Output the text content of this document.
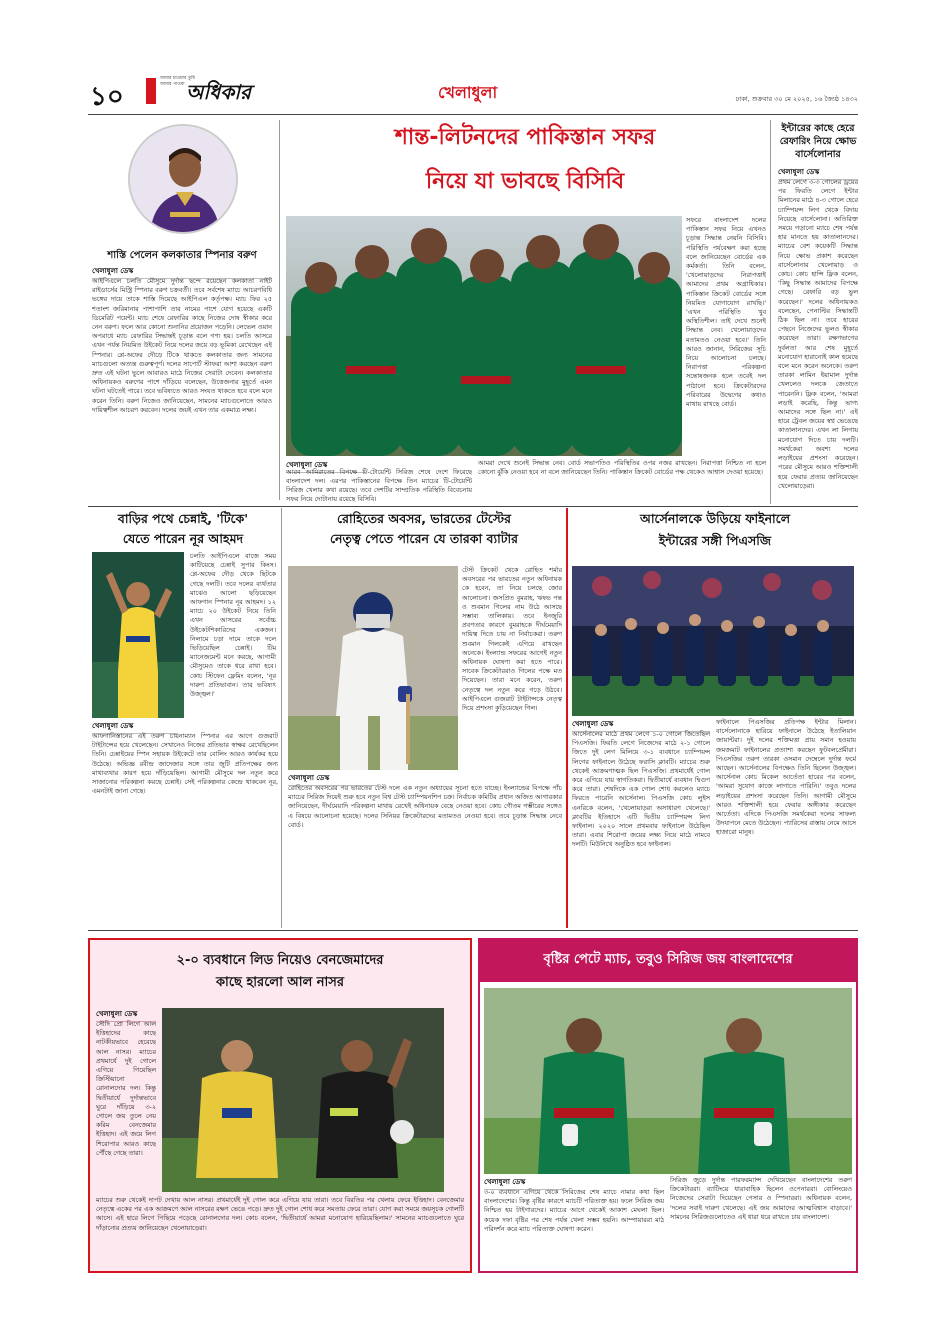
১০
আমার চাওয়ার তুমি আমার পাওয়া অধিকার	খেলাধুলা	ঢাকা, শুক্রবার ৩০ মে ২০২৫, ১৬ জ্যৈষ্ঠ ১৪৩২
শাস্তি পেলেন কলকাতার স্পিনার বরুণ
খেলাধুলা ডেস্ক
আইপিএলে চলতি মৌসুমে দুর্দান্ত ছন্দে রয়েছেন কলকাতা নাইট রাইডার্সের মিস্ট্রি স্পিনার বরুণ চক্রবর্তী। তবে সর্বশেষ ম্যাচে আচরণবিধি ভঙ্গের দায়ে তাকে শাস্তি দিয়েছে আইপিএল কর্তৃপক্ষ। ম্যাচ ফির ২৫ শতাংশ জরিমানার পাশাপাশি তার নামের পাশে যোগ হয়েছে একটি ডিমেরিট পয়েন্ট। ম্যাচ শেষে রেফারির কাছে নিজের দোষ স্বীকার করে নেন বরুণ। ফলে আর কোনো শুনানির প্রয়োজন পড়েনি। লেভেল ওয়ান অপরাধে ম্যাচ রেফারির সিদ্ধান্তই চূড়ান্ত বলে গণ্য হয়। চলতি আসরে এখন পর্যন্ত নিয়মিত উইকেট নিয়ে দলের জয়ে বড় ভূমিকা রেখেছেন এই স্পিনার। প্লে-অফের দৌড়ে টিকে থাকতে কলকাতার জন্য সামনের ম্যাচগুলো অত্যন্ত গুরুত্বপূর্ণ। দলের সাপোর্ট স্টাফরা আশা করছেন বরুণ দ্রুত এই ঘটনা ভুলে আবারও মাঠে নিজের সেরাটা দেবেন। কলকাতার অধিনায়কও বরুণের পাশে দাঁড়িয়ে বলেছেন, উত্তেজনার মুহূর্তে এমন ঘটনা ঘটতেই পারে। তবে ভবিষ্যতে আরও সংযত থাকতে হবে বলে মনে করেন তিনি। বরুণ নিজেও জানিয়েছেন, সামনের ম্যাচগুলোতে আরও দায়িত্বশীল আচরণ করবেন। দলের জয়ই এখন তার একমাত্র লক্ষ্য।
শান্ত-লিটনদের পাকিস্তান সফর
নিয়ে যা ভাবছে বিসিবি
সফরে বাংলাদেশ দলের পাকিস্তান সফর নিয়ে এখনও চূড়ান্ত সিদ্ধান্ত নেয়নি বিসিবি। পরিস্থিতি পর্যবেক্ষণ করা হচ্ছে বলে জানিয়েছেন বোর্ডের এক কর্মকর্তা। তিনি বলেন, 'খেলোয়াড়দের নিরাপত্তাই আমাদের প্রথম অগ্রাধিকার। পাকিস্তান ক্রিকেট বোর্ডের সঙ্গে নিয়মিত যোগাযোগ রাখছি।' 'এখন পরিস্থিতি খুব অস্থিতিশীল। তাই দেখে শুনেই সিদ্ধান্ত নেব। খেলোয়াড়দের মতামতও নেওয়া হবে।' তিনি আরও জানান, সিরিজের সূচি নিয়ে আলোচনা চলছে। নিরাপত্তা পরিকল্পনা সন্তোষজনক হলে তবেই দল পাঠানো হবে। ক্রিকেটারদের পরিবারের উদ্বেগের কথাও মাথায় রাখছে বোর্ড।
খেলাধুলা ডেস্ক
আরব আমিরাতের বিপক্ষে টি-টোয়েন্টি সিরিজ শেষে দেশে ফিরেছে বাংলাদেশ দল। এরপর পাকিস্তানের বিপক্ষে তিন ম্যাচের টি-টোয়েন্টি সিরিজ খেলার কথা রয়েছে। তবে দেশটির সাম্প্রতিক পরিস্থিতি বিবেচনায় সফর নিয়ে দোটানায় রয়েছে বিসিবি।
আমরা দেখে শুনেই সিদ্ধান্ত নেব। বোর্ড সভাপতিও পরিস্থিতির ওপর নজর রাখছেন। নিরাপত্তা নিশ্চিত না হলে কোনো ঝুঁকি নেওয়া হবে না বলে জানিয়েছেন তিনি। পাকিস্তান ক্রিকেট বোর্ডের পক্ষ থেকেও আশ্বাস দেওয়া হয়েছে।
ইন্টারের কাছে হেরে রেফারিং নিয়ে ক্ষোভ বার্সেলোনার
খেলাধুলা ডেস্ক
প্রথম লেগে ৩-৩ গোলের ড্রয়ের পর ফিরতি লেগে ইন্টার মিলানের মাঠে ৪-৩ গোলে হেরে চ্যাম্পিয়ন্স লিগ থেকে বিদায় নিয়েছে বার্সেলোনা। অতিরিক্ত সময়ে গড়ানো ম্যাচে শেষ পর্যন্ত হার মানতে হয় কাতালানদের। ম্যাচের বেশ কয়েকটি সিদ্ধান্ত নিয়ে ক্ষোভ প্রকাশ করেছেন বার্সেলোনার খেলোয়াড় ও কোচ। কোচ হান্সি ফ্লিক বলেন, 'কিছু সিদ্ধান্ত আমাদের বিপক্ষে গেছে। রেফারি বড় ভুল করেছেন।' দলের অধিনায়কও বলেছেন, পেনাল্টির সিদ্ধান্তটি ঠিক ছিল না। তবে হারের পেছনে নিজেদের ভুলও স্বীকার করেছেন তারা। রক্ষণভাগের দুর্বলতা আর শেষ মুহূর্তে মনোযোগ হারানোই কাল হয়েছে বলে মনে করেন অনেকে। তরুণ তারকা লামিন ইয়ামাল দুর্দান্ত খেললেও দলকে জেতাতে পারেননি। ফ্লিক বলেন, 'আমরা লড়াই করেছি, কিন্তু ভাগ্য আমাদের সঙ্গে ছিল না।' এই হারে ট্রেবল জয়ের স্বপ্ন ভেঙেছে কাতালানদের। এখন লা লিগায় মনোযোগ দিতে চায় দলটি। সমর্থকেরা অবশ্য দলের লড়াইয়ের প্রশংসা করেছেন। পরের মৌসুমে আরও শক্তিশালী হয়ে ফেরার প্রত্যয় জানিয়েছেন খেলোয়াড়েরা।
বাড়ির পথে চেন্নাই, 'টিকে'
যেতে পারেন নূর আহমদ
চলতি আইপিএলে বাজে সময় কাটিয়েছে চেন্নাই সুপার কিংস। প্লে-অফের দৌড় থেকে ছিটকে গেছে দলটি। তবে দলের ব্যর্থতার মাঝেও আলো ছড়িয়েছেন আফগান স্পিনার নূর আহমদ। ১২ ম্যাচে ২০ উইকেট নিয়ে তিনি এখন আসরের সর্বোচ্চ উইকেটশিকারিদের একজন। নিলামে চড়া দামে তাকে দলে ভিড়িয়েছিল চেন্নাই। টিম ম্যানেজমেন্ট মনে করছে, আগামী মৌসুমেও তাকে ধরে রাখা হবে। কোচ স্টিফেন ফ্লেমিং বলেন, 'নূর দারুণ প্রতিভাবান। তার ভবিষ্যৎ উজ্জ্বল।'
খেলাধুলা ডেস্ক
আফগানিস্তানের এই তরুণ চায়নাম্যান স্পিনার এর আগে গুজরাট টাইটান্সের হয়ে খেলেছেন। সেখানেও নিজের প্রতিভার স্বাক্ষর রেখেছিলেন তিনি। চেন্নাইয়ের স্পিন সহায়ক উইকেটে তার বোলিং আরও কার্যকর হয়ে উঠেছে। অভিজ্ঞ রবীন্দ্র জাদেজার সঙ্গে তার জুটি প্রতিপক্ষের জন্য মাথাব্যথার কারণ হয়ে দাঁড়িয়েছিল। আগামী মৌসুমে দল নতুন করে সাজানোর পরিকল্পনা করছে চেন্নাই। সেই পরিকল্পনার কেন্দ্রে থাকবেন নূর, এমনটাই জানা গেছে।
রোহিতের অবসর, ভারতের টেস্টের
নেতৃত্ব পেতে পারেন যে তারকা ব্যাটার
টেস্ট ক্রিকেট থেকে রোহিত শর্মার অবসরের পর ভারতের নতুন অধিনায়ক কে হবেন, তা নিয়ে চলছে জোর আলোচনা। জসপ্রিত বুমরাহ, ঋষভ পন্ত ও শুবমান গিলের নাম উঠে আসছে সম্ভাব্য তালিকায়। তবে ইনজুরি প্রবণতার কারণে বুমরাহকে দীর্ঘমেয়াদি দায়িত্ব দিতে চায় না নির্বাচকরা। তরুণ শুবমান গিলকেই এগিয়ে রাখছেন অনেকে। ইংল্যান্ড সফরের আগেই নতুন অধিনায়ক ঘোষণা করা হতে পারে। সাবেক ক্রিকেটাররাও গিলের পক্ষে মত দিয়েছেন। তারা মনে করেন, তরুণ নেতৃত্বে দল নতুন করে গড়ে উঠবে। আইপিএলে গুজরাট টাইটান্সকে নেতৃত্ব দিয়ে প্রশংসা কুড়িয়েছেন গিল।
খেলাধুলা ডেস্ক
রোহিতের অবসরের পর ভারতের টেস্ট দলে এক নতুন অধ্যায়ের সূচনা হতে যাচ্ছে। ইংল্যান্ডের বিপক্ষে পাঁচ ম্যাচের সিরিজ দিয়েই শুরু হবে নতুন বিশ্ব টেস্ট চ্যাম্পিয়নশিপ চক্র। নির্বাচক কমিটির প্রধান অজিত আগারকার জানিয়েছেন, দীর্ঘমেয়াদি পরিকল্পনা মাথায় রেখেই অধিনায়ক বেছে নেওয়া হবে। কোচ গৌতম গম্ভীরের সঙ্গেও এ বিষয়ে আলোচনা হয়েছে। দলের সিনিয়র ক্রিকেটারদের মতামতও নেওয়া হবে। তবে চূড়ান্ত সিদ্ধান্ত নেবে বোর্ড।
আর্সেনালকে উড়িয়ে ফাইনালে
ইন্টারের সঙ্গী পিএসজি
খেলাধুলা ডেস্ক
আর্সেনালের মাঠে প্রথম লেগে ১-০ গোলে জিতেছিল পিএসজি। ফিরতি লেগে নিজেদের মাঠে ২-১ গোলে জিতে দুই লেগ মিলিয়ে ৩-১ ব্যবধানে চ্যাম্পিয়ন্স লিগের ফাইনালে উঠেছে ফরাসি ক্লাবটি। ম্যাচের শুরু থেকেই আক্রমণাত্মক ছিল পিএসজি। প্রথমার্ধেই গোল করে এগিয়ে যায় স্বাগতিকরা। দ্বিতীয়ার্ধে ব্যবধান দ্বিগুণ করে তারা। শেষদিকে এক গোল শোধ করলেও ম্যাচে ফিরতে পারেনি আর্সেনাল। পিএসজি কোচ লুইস এনরিকে বলেন, 'খেলোয়াড়রা অসাধারণ খেলেছে।' ক্লাবটির ইতিহাসে এটি দ্বিতীয় চ্যাম্পিয়ন্স লিগ ফাইনাল। ২০২০ সালে প্রথমবার ফাইনালে উঠেছিল তারা। এবার শিরোপা জয়ের লক্ষ্য নিয়ে মাঠে নামবে দলটি। মিউনিখে অনুষ্ঠিত হবে ফাইনাল।
ফাইনালে পিএসজির প্রতিপক্ষ ইন্টার মিলান। বার্সেলোনাকে হারিয়ে ফাইনালে উঠেছে ইতালিয়ান জায়ান্টরা। দুই দলের শক্তিমত্তা প্রায় সমান হওয়ায় জমজমাট ফাইনালের প্রত্যাশা করছেন ফুটবলপ্রেমীরা। পিএসজির তরুণ তারকা ওসমান দেম্বেলে দুর্দান্ত ফর্মে আছেন। আর্সেনালের বিপক্ষেও তিনি ছিলেন উজ্জ্বল। আর্সেনাল কোচ মিকেল আর্তেতা হারের পর বলেন, 'আমরা সুযোগ কাজে লাগাতে পারিনি।' তবুও দলের লড়াইয়ের প্রশংসা করেছেন তিনি। আগামী মৌসুমে আরও শক্তিশালী হয়ে ফেরার অঙ্গীকার করেছেন আর্তেতা। এদিকে পিএসজি সমর্থকেরা দলের সাফল্য উদযাপনে মেতে উঠেছেন। প্যারিসের রাস্তায় নেমে আসে হাজারো মানুষ।
২-০ ব্যবধানে লিড নিয়েও বেনজেমাদের
কাছে হারলো আল নাসর
খেলাধুলা ডেস্ক
সৌদি প্রো লিগে আল ইত্তিহাদের কাছে নাটকীয়ভাবে হেরেছে আল নাসর। ম্যাচের প্রথমার্ধে দুই গোলে এগিয়ে গিয়েছিল ক্রিস্টিয়ানো রোনালদোর দল। কিন্তু দ্বিতীয়ার্ধে দুর্দান্তভাবে ঘুরে দাঁড়িয়ে ৩-২ গোলে জয় তুলে নেয় করিম বেনজেমার ইত্তিহাদ। এই জয়ে লিগ শিরোপার আরও কাছে পৌঁছে গেছে তারা।
ম্যাচের শুরু থেকেই দাপট দেখায় আল নাসর। প্রথমার্ধেই দুই গোল করে এগিয়ে যায় তারা। তবে বিরতির পর খেলায় ফেরে ইত্তিহাদ। বেনজেমার নেতৃত্বে একের পর এক আক্রমণে আল নাসরের রক্ষণ ভেঙে পড়ে। দ্রুত দুই গোল শোধ করে সমতায় ফেরে তারা। যোগ করা সময়ে জয়সূচক গোলটি আসে। এই হারে লিগে পিছিয়ে পড়েছে রোনালদোর দল। কোচ বলেন, 'দ্বিতীয়ার্ধে আমরা মনোযোগ হারিয়েছিলাম।' সামনের ম্যাচগুলোতে ঘুরে দাঁড়ানোর প্রত্যয় জানিয়েছেন খেলোয়াড়েরা।
বৃষ্টির পেটে ম্যাচ, তবুও সিরিজ জয় বাংলাদেশের
খেলাধুলা ডেস্ক
৩-০ ব্যবধানে এগিয়ে থেকে সিরিজের শেষ ম্যাচে নামার কথা ছিল বাংলাদেশের। কিন্তু বৃষ্টির কারণে ম্যাচটি পরিত্যক্ত হয়। ফলে সিরিজ জয় নিশ্চিত হয় টাইগারদের। ম্যাচের আগে থেকেই আকাশ মেঘলা ছিল। কয়েক দফা বৃষ্টির পর শেষ পর্যন্ত খেলা সম্ভব হয়নি। আম্পায়াররা মাঠ পরিদর্শন করে ম্যাচ পরিত্যক্ত ঘোষণা করেন।
সিরিজ জুড়ে দুর্দান্ত পারফরম্যান্স দেখিয়েছেন বাংলাদেশের তরুণ ক্রিকেটাররা। ব্যাটিংয়ে ধারাবাহিক ছিলেন ওপেনাররা। বোলিংয়েও নিজেদের সেরাটা দিয়েছেন পেসার ও স্পিনাররা। অধিনায়ক বলেন, 'দলের সবাই দারুণ খেলেছে। এই জয় আমাদের আত্মবিশ্বাস বাড়াবে।' সামনের সিরিজগুলোতেও এই ধারা ধরে রাখতে চায় বাংলাদেশ।
